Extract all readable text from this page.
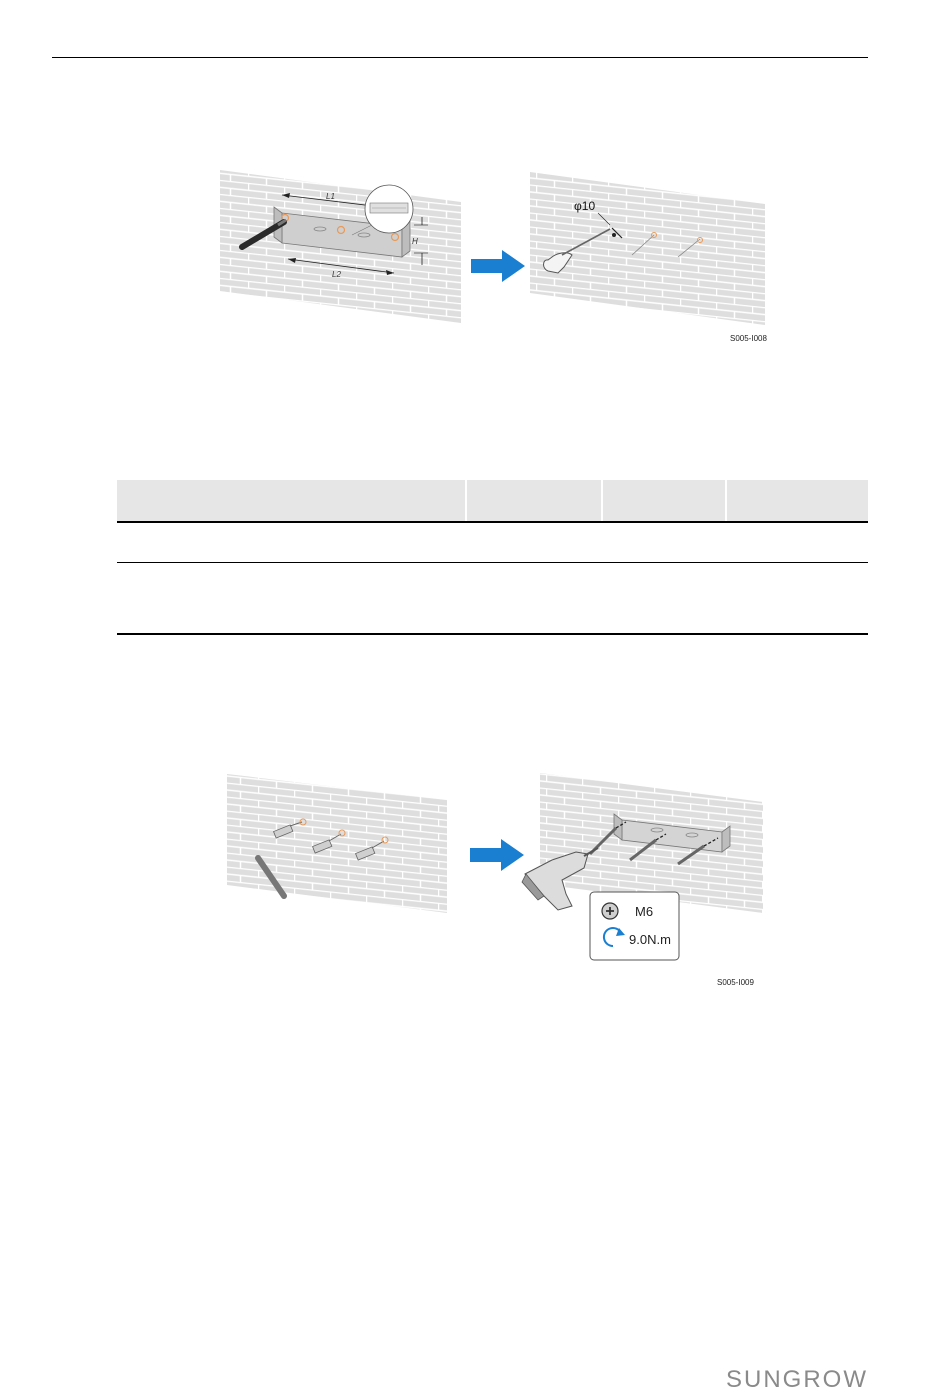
L1
L2
H
φ10
S005-I008
M6
9.0N.m
S005-I009
SUNGROW
